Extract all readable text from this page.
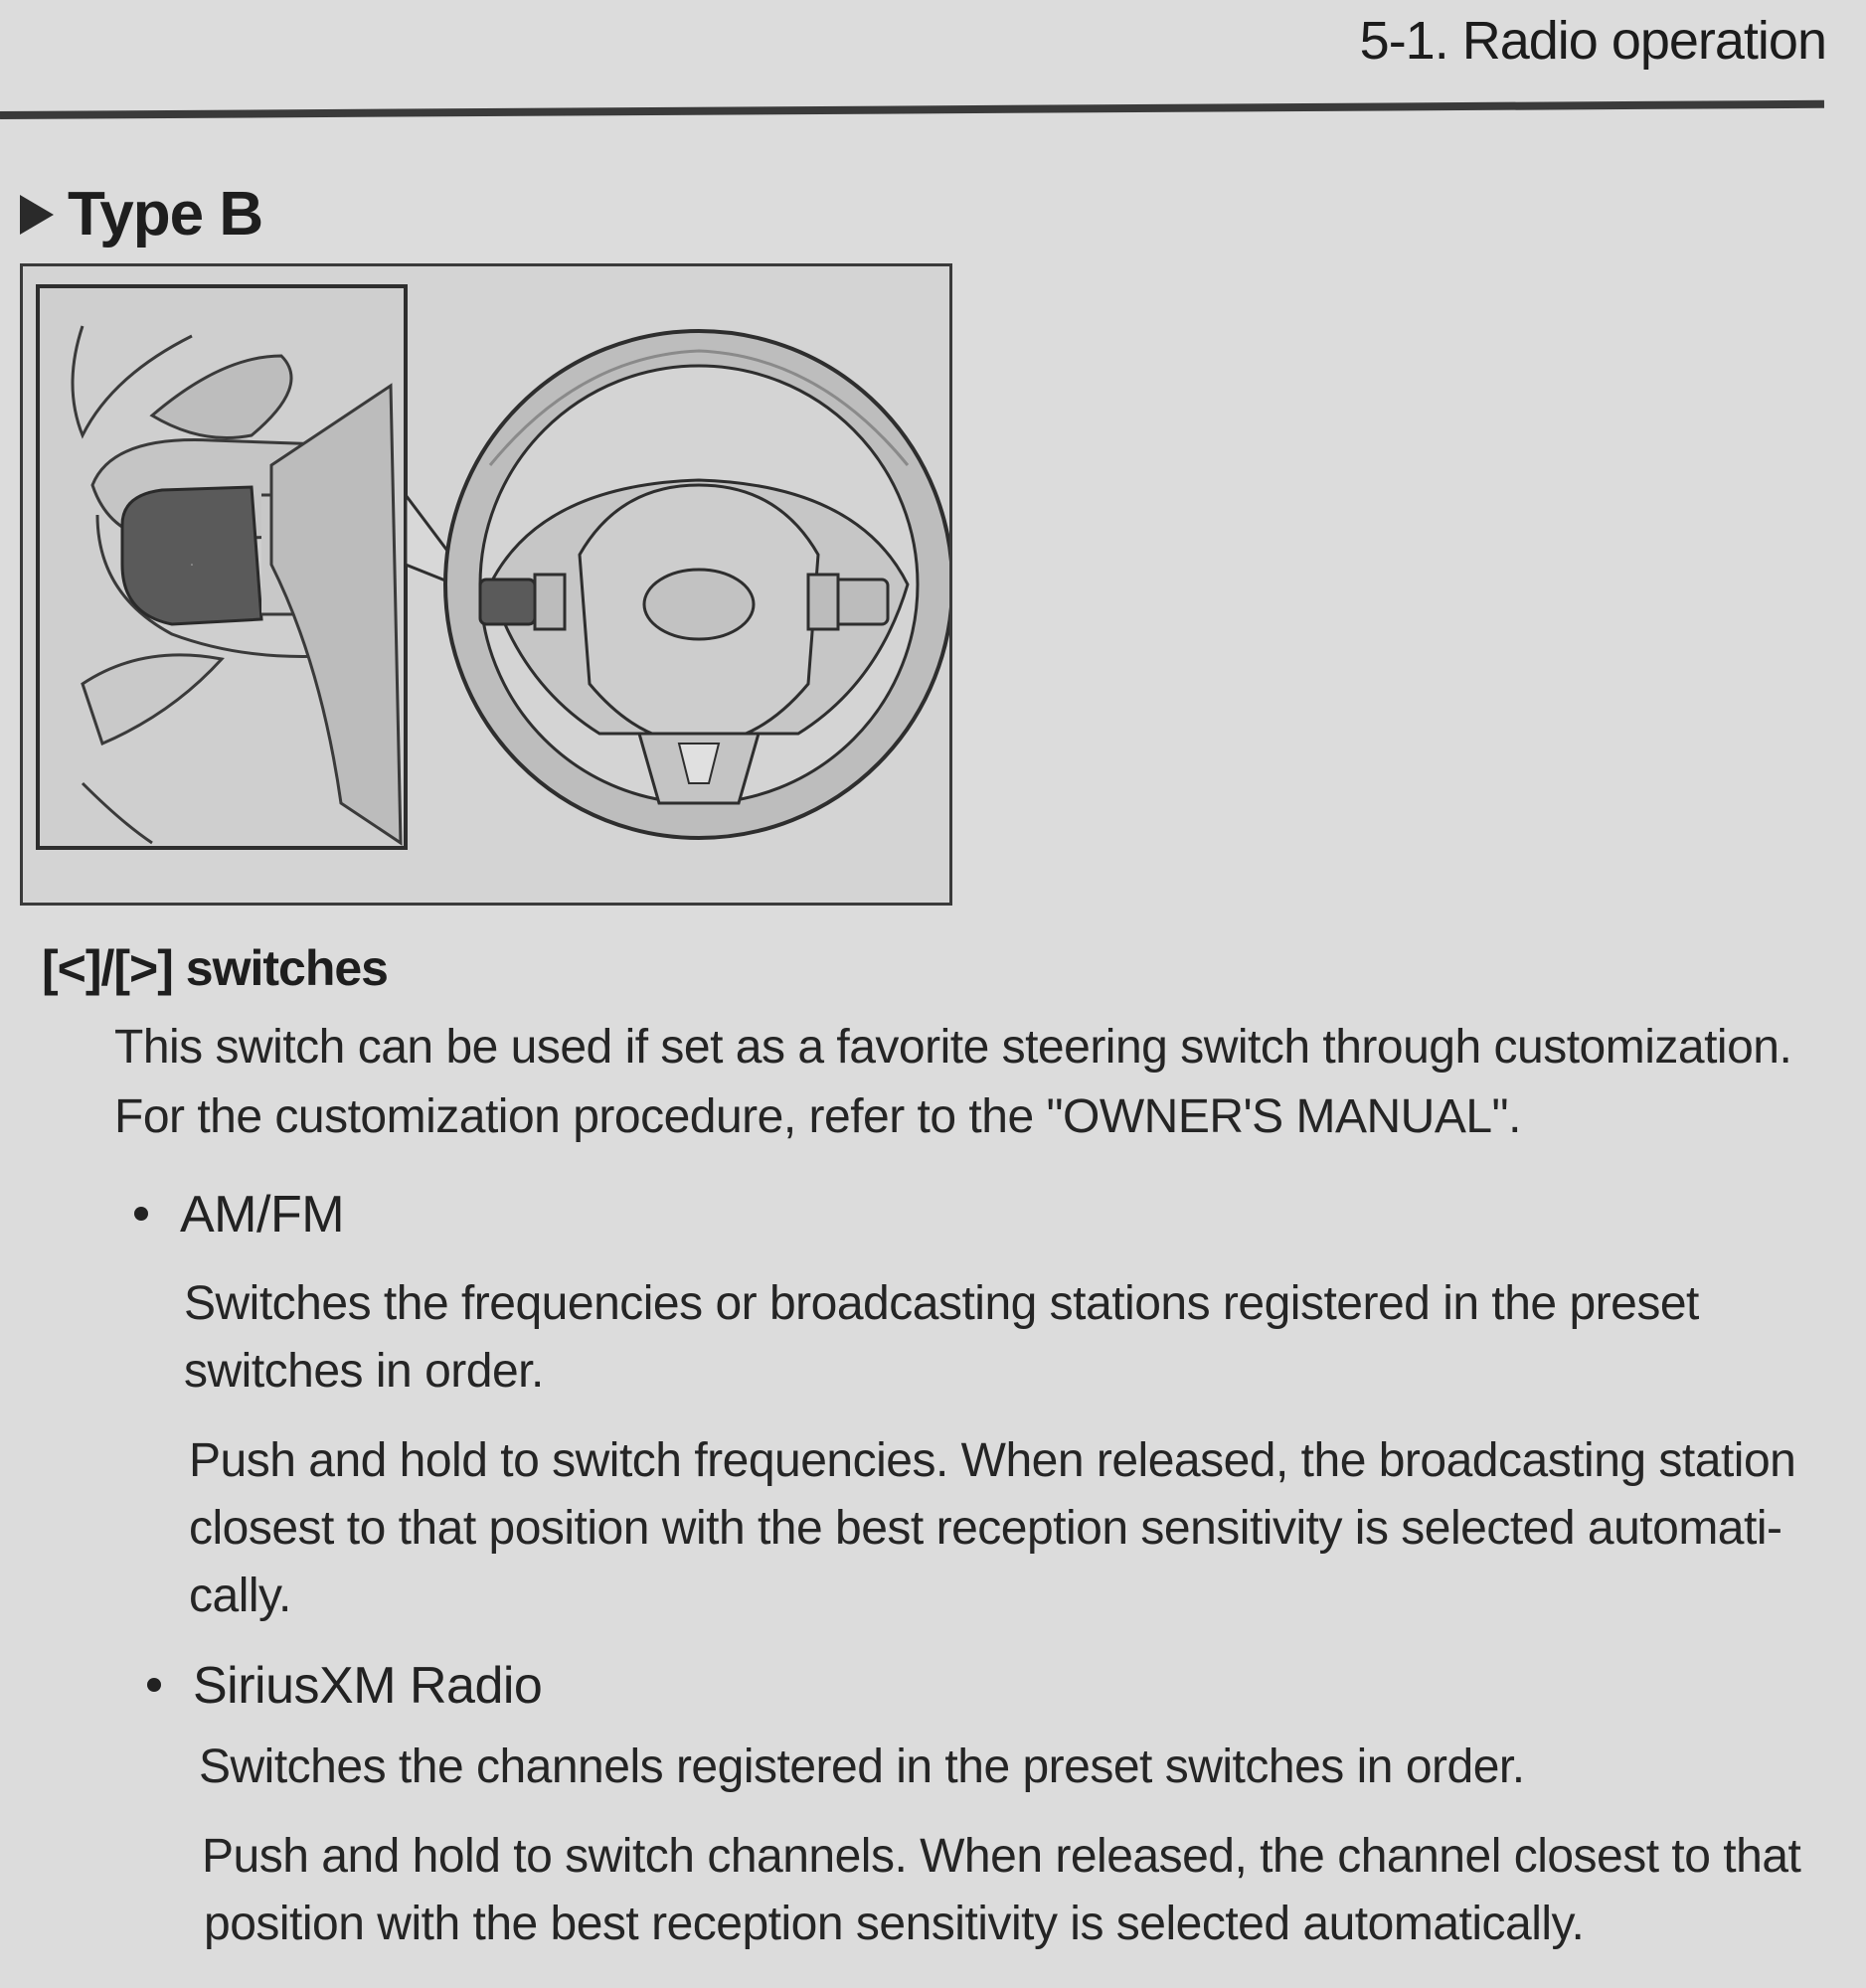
5-1. Radio operation
Type B
⋅
[<]/[>] switches
This switch can be used if set as a favorite steering switch through customization.
For the customization procedure, refer to the "OWNER'S MANUAL".
AM/FM
Switches the frequencies or broadcasting stations registered in the preset
switches in order.
Push and hold to switch frequencies. When released, the broadcasting station
closest to that position with the best reception sensitivity is selected automati-
cally.
SiriusXM Radio
Switches the channels registered in the preset switches in order.
Push and hold to switch channels. When released, the channel closest to that
position with the best reception sensitivity is selected automatically.
